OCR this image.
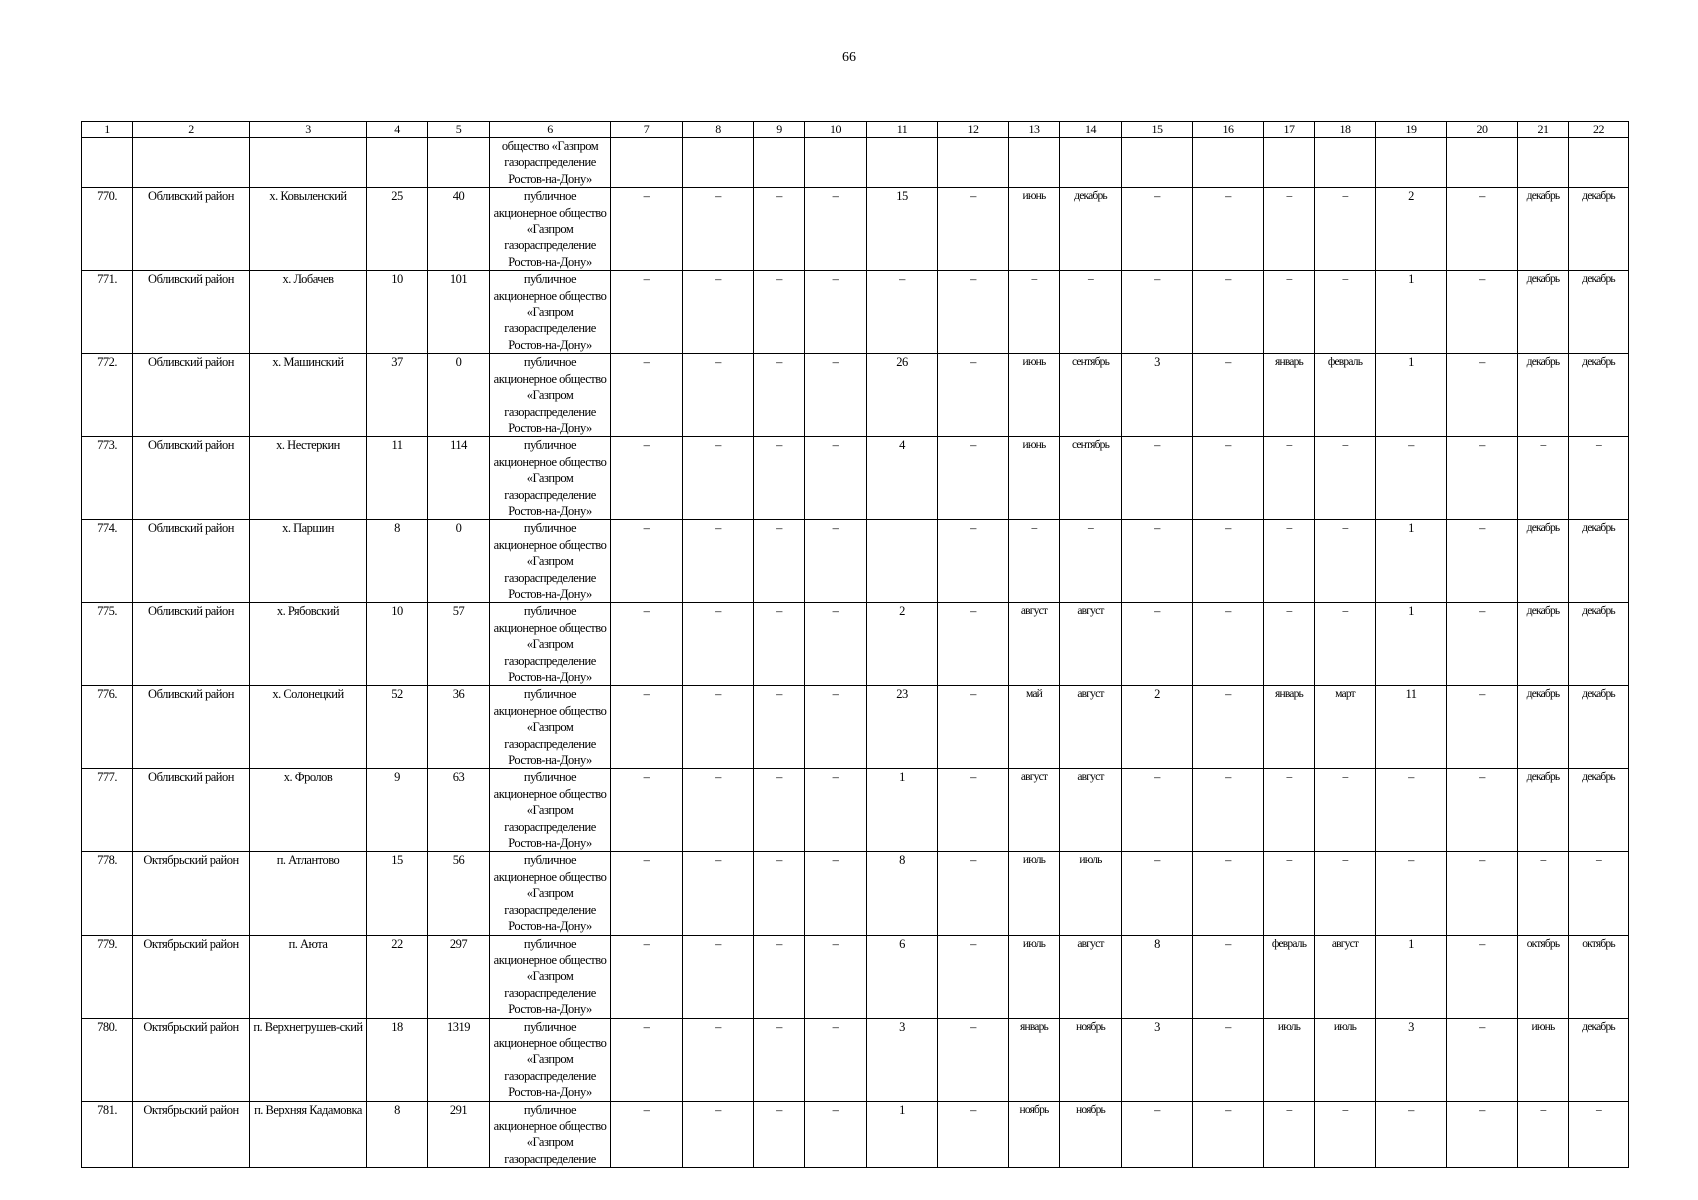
66
1	2	3	4	5	6	7	8	9	10	11	12	13	14	15	16	17	18	19	20	21	22
					общество «Газпром газораспределение Ростов-на-Дону»																
770.	Обливский район	х. Ковыленский	25	40	публичное акционерное общество «Газпром газораспределение Ростов-на-Дону»	–	–	–	–	15	–	июнь	декабрь	–	–	–	–	2	–	декабрь	декабрь
771.	Обливский район	х. Лобачев	10	101	публичное акционерное общество «Газпром газораспределение Ростов-на-Дону»	–	–	–	–	–	–	–	–	–	–	–	–	1	–	декабрь	декабрь
772.	Обливский район	х. Машинский	37	0	публичное акционерное общество «Газпром газораспределение Ростов-на-Дону»	–	–	–	–	26	–	июнь	сентябрь	3	–	январь	февраль	1	–	декабрь	декабрь
773.	Обливский район	х. Нестеркин	11	114	публичное акционерное общество «Газпром газораспределение Ростов-на-Дону»	–	–	–	–	4	–	июнь	сентябрь	–	–	–	–	–	–	–	–
774.	Обливский район	х. Паршин	8	0	публичное акционерное общество «Газпром газораспределение Ростов-на-Дону»	–	–	–	–		–	–	–	–	–	–	–	1	–	декабрь	декабрь
775.	Обливский район	х. Рябовский	10	57	публичное акционерное общество «Газпром газораспределение Ростов-на-Дону»	–	–	–	–	2	–	август	август	–	–	–	–	1	–	декабрь	декабрь
776.	Обливский район	х. Солонецкий	52	36	публичное акционерное общество «Газпром газораспределение Ростов-на-Дону»	–	–	–	–	23	–	май	август	2	–	январь	март	11	–	декабрь	декабрь
777.	Обливский район	х. Фролов	9	63	публичное акционерное общество «Газпром газораспределение Ростов-на-Дону»	–	–	–	–	1	–	август	август	–	–	–	–	–	–	декабрь	декабрь
778.	Октябрьский район	п. Атлантово	15	56	публичное акционерное общество «Газпром газораспределение Ростов-на-Дону»	–	–	–	–	8	–	июль	июль	–	–	–	–	–	–	–	–
779.	Октябрьский район	п. Аюта	22	297	публичное акционерное общество «Газпром газораспределение Ростов-на-Дону»	–	–	–	–	6	–	июль	август	8	–	февраль	август	1	–	октябрь	октябрь
780.	Октябрьский район	п. Верхнегрушев-ский	18	1319	публичное акционерное общество «Газпром газораспределение Ростов-на-Дону»	–	–	–	–	3	–	январь	ноябрь	3	–	июль	июль	3	–	июнь	декабрь
781.	Октябрьский район	п. Верхняя Кадамовка	8	291	публичное акционерное общество «Газпром газораспределение	–	–	–	–	1	–	ноябрь	ноябрь	–	–	–	–	–	–	–	–
